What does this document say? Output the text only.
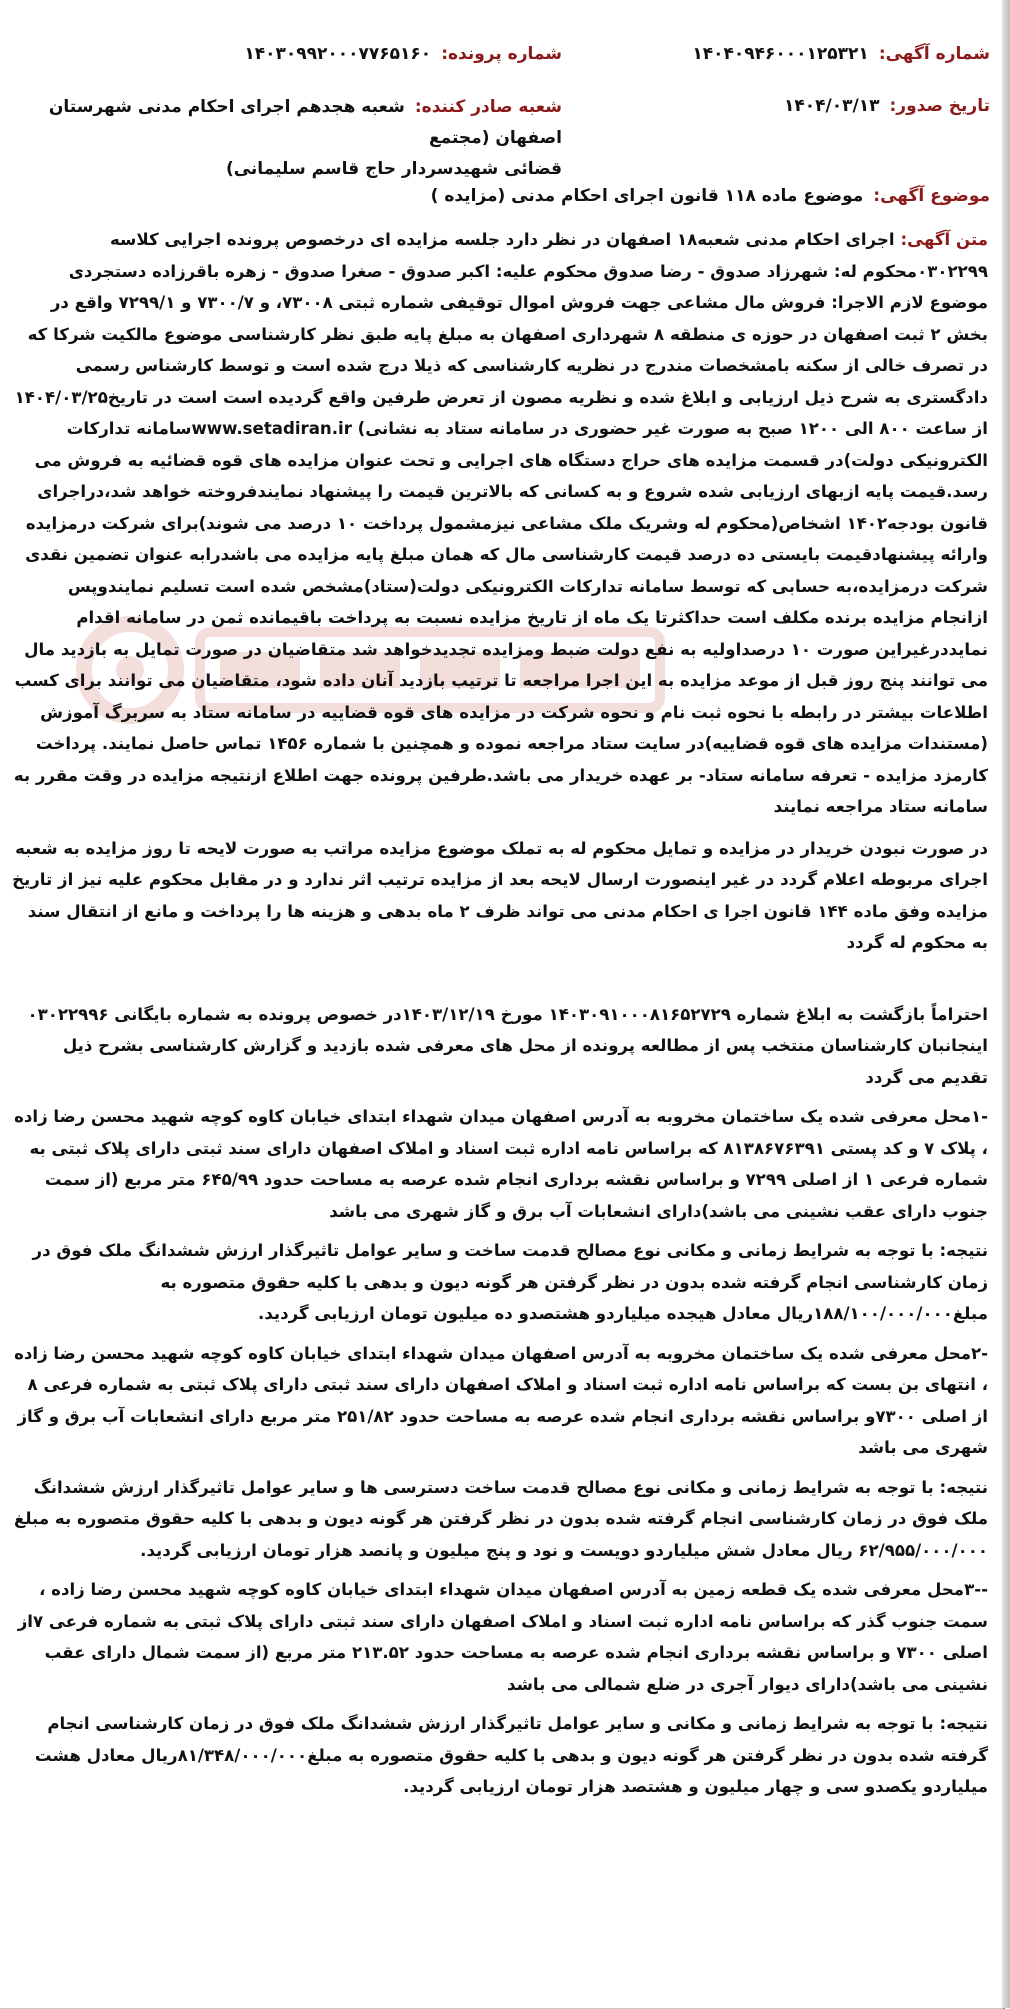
شماره آگهی:۱۴۰۴۰۹۴۶۰۰۰۱۲۵۳۲۱
شماره پرونده:۱۴۰۳۰۹۹۲۰۰۰۷۷۶۵۱۶۰
تاریخ صدور:۱۴۰۴/۰۳/۱۳
شعبه صادر کننده:شعبه هجدهم اجرای احکام مدنی شهرستان اصفهان (مجتمع
قضائی شهیدسردار حاج قاسم سلیمانی)
موضوع آگهی:موضوع ماده ۱۱۸ قانون اجرای احکام مدنی (مزایده )

متن آگهی:اجرای احکام مدنی شعبه۱۸ اصفهان در نظر دارد جلسه مزایده ای درخصوص پرونده اجرایی کلاسه ۰۳۰۲۲۹۹محکوم له: شهرزاد صدوق - رضا صدوق محکوم علیه: اکبر صدوق - صغرا صدوق - زهره باقرزاده دستجردی موضوع لازم الاجرا: فروش مال مشاعی جهت فروش اموال توقیفی شماره ثبتی ۷۳۰۰۸، و ۷۳۰۰/۷ و ۷۲۹۹/۱ واقع در بخش ۲ ثبت اصفهان در حوزه ی منطقه ۸ شهرداری اصفهان به مبلغ پایه طبق نظر کارشناسی موضوع مالکیت شرکا که در تصرف خالی از سکنه بامشخصات مندرج در نظریه کارشناسی که ذیلا درج شده است و توسط کارشناس رسمی دادگستری به شرح ذیل ارزیابی و ابلاغ شده و نظریه مصون از تعرض طرفین واقع گردیده است است در تاریخ۱۴۰۴/۰۳/۲۵ از ساعت ۸۰۰ الی ۱۲۰۰ صبح به صورت غیر حضوری در سامانه ستاد به نشانی) www.setadiran.irسامانه تدارکات الکترونیکی دولت)در قسمت مزایده های حراج دستگاه های اجرایی و تحت عنوان مزایده های قوه قضائیه به فروش می رسد.قیمت پایه ازبهای ارزیابی شده شروع و به کسانی که بالاترین قیمت را پیشنهاد نمایندفروخته خواهد شد،دراجرای قانون بودجه۱۴۰۲ اشخاص(محکوم له وشریک ملک مشاعی نیزمشمول پرداخت ۱۰ درصد می شوند)برای شرکت درمزایده وارائه پیشنهادقیمت بایستی ده درصد قیمت کارشناسی مال که همان مبلغ پایه مزایده می باشدرابه عنوان تضمین نقدی شرکت درمزایده،به حسابی که توسط سامانه تدارکات الکترونیکی دولت(ستاد)مشخص شده است تسلیم نمایندوپس ازانجام مزایده برنده مکلف است حداکثرتا یک ماه از تاریخ مزایده نسبت به پرداخت باقیمانده ثمن در سامانه اقدام نمایددرغیراین صورت ۱۰ درصداولیه به نفع دولت ضبط ومزایده تجدیدخواهد شد متقاضیان در صورت تمایل به بازدید مال می توانند پنج روز قبل از موعد مزایده به این اجرا مراجعه تا ترتیب بازدید آنان داده شود، متقاضیان می توانند برای کسب اطلاعات بیشتر در رابطه با نحوه ثبت نام و نحوه شرکت در مزایده های قوه قضاییه در سامانه ستاد به سربرگ آموزش (مستندات مزایده های قوه قضاییه)در سایت ستاد مراجعه نموده و همچنین با شماره ۱۴۵۶ تماس حاصل نمایند. پرداخت کارمزد مزایده - تعرفه سامانه ستاد- بر عهده خریدار می باشد.طرفین پرونده جهت اطلاع ازنتیجه مزایده در وقت مقرر به سامانه ستاد مراجعه نمایند

در صورت نبودن خریدار در مزایده و تمایل محکوم له به تملک موضوع مزایده مراتب به صورت لایحه تا روز مزایده به شعبه اجرای مربوطه اعلام گردد در غیر اینصورت ارسال لایحه بعد از مزایده ترتیب اثر ندارد و در مقابل محکوم علیه نیز از تاریخ مزایده وفق ماده ۱۴۴ قانون اجرا ی احکام مدنی می تواند ظرف ۲ ماه بدهی و هزینه ها را پرداخت و مانع از انتقال سند به محکوم له گردد

احتراماً بازگشت به ابلاغ شماره ۱۴۰۳۰۹۱۰۰۰۸۱۶۵۲۷۲۹ مورخ ۱۴۰۳/۱۲/۱۹در خصوص پرونده به شماره بایگانی ۰۳۰۲۲۹۹۶ اینجانبان کارشناسان منتخب پس از مطالعه پرونده از محل های معرفی شده بازدید و گزارش کارشناسی بشرح ذیل تقدیم می گردد

-۱محل معرفی شده یک ساختمان مخروبه به آدرس اصفهان میدان شهداء ابتدای خیابان کاوه کوچه شهید محسن رضا زاده ، پلاک ۷ و کد پستی ۸۱۳۸۶۷۶۳۹۱ که براساس نامه اداره ثبت اسناد و املاک اصفهان دارای سند ثبتی دارای پلاک ثبتی به شماره فرعی ۱ از اصلی ۷۲۹۹ و براساس نقشه برداری انجام شده عرصه به مساحت حدود ۶۴۵/۹۹ متر مربع (از سمت جنوب دارای عقب نشینی می باشد)دارای انشعابات آب برق و گاز شهری می باشد

نتیجه: با توجه به شرایط زمانی و مکانی نوع مصالح قدمت ساخت و سایر عوامل تاثیرگذار ارزش ششدانگ ملک فوق در زمان کارشناسی انجام گرفته شده بدون در نظر گرفتن هر گونه دیون و بدهی با کلیه حقوق متصوره به مبلغ۱۸۸/۱۰۰/۰۰۰/۰۰۰ریال معادل هیجده میلیاردو هشتصدو ده میلیون تومان ارزیابی گردید.

-۲محل معرفی شده یک ساختمان مخروبه به آدرس اصفهان میدان شهداء ابتدای خیابان کاوه کوچه شهید محسن رضا زاده ، انتهای بن بست که براساس نامه اداره ثبت اسناد و املاک اصفهان دارای سند ثبتی دارای پلاک ثبتی به شماره فرعی ۸ از اصلی ۷۳۰۰و براساس نقشه برداری انجام شده عرصه به مساحت حدود ۲۵۱/۸۲ متر مربع دارای انشعابات آب برق و گاز شهری می باشد

نتیجه: با توجه به شرایط زمانی و مکانی نوع مصالح قدمت ساخت دسترسی ها و سایر عوامل تاثیرگذار ارزش ششدانگ ملک فوق در زمان کارشناسی انجام گرفته شده بدون در نظر گرفتن هر گونه دیون و بدهی با کلیه حقوق متصوره به مبلغ ۶۲/۹۵۵/۰۰۰/۰۰۰ ریال معادل شش میلیاردو دویست و نود و پنج میلیون و پانصد هزار تومان ارزیابی گردید.

--۳محل معرفی شده یک قطعه زمین به آدرس اصفهان میدان شهداء ابتدای خیابان کاوه کوچه شهید محسن رضا زاده ، سمت جنوب گذر که براساس نامه اداره ثبت اسناد و املاک اصفهان دارای سند ثبتی دارای پلاک ثبتی به شماره فرعی ۷از اصلی ۷۳۰۰ و براساس نقشه برداری انجام شده عرصه به مساحت حدود ۲۱۳.۵۲ متر مربع (از سمت شمال دارای عقب نشینی می باشد)دارای دیوار آجری در ضلع شمالی می باشد

نتیجه: با توجه به شرایط زمانی و مکانی و سایر عوامل تاثیرگذار ارزش ششدانگ ملک فوق در زمان کارشناسی انجام گرفته شده بدون در نظر گرفتن هر گونه دیون و بدهی با کلیه حقوق متصوره به مبلغ۸۱/۳۴۸/۰۰۰/۰۰۰ریال معادل هشت میلیاردو یکصدو سی و چهار میلیون و هشتصد هزار تومان ارزیابی گردید.
